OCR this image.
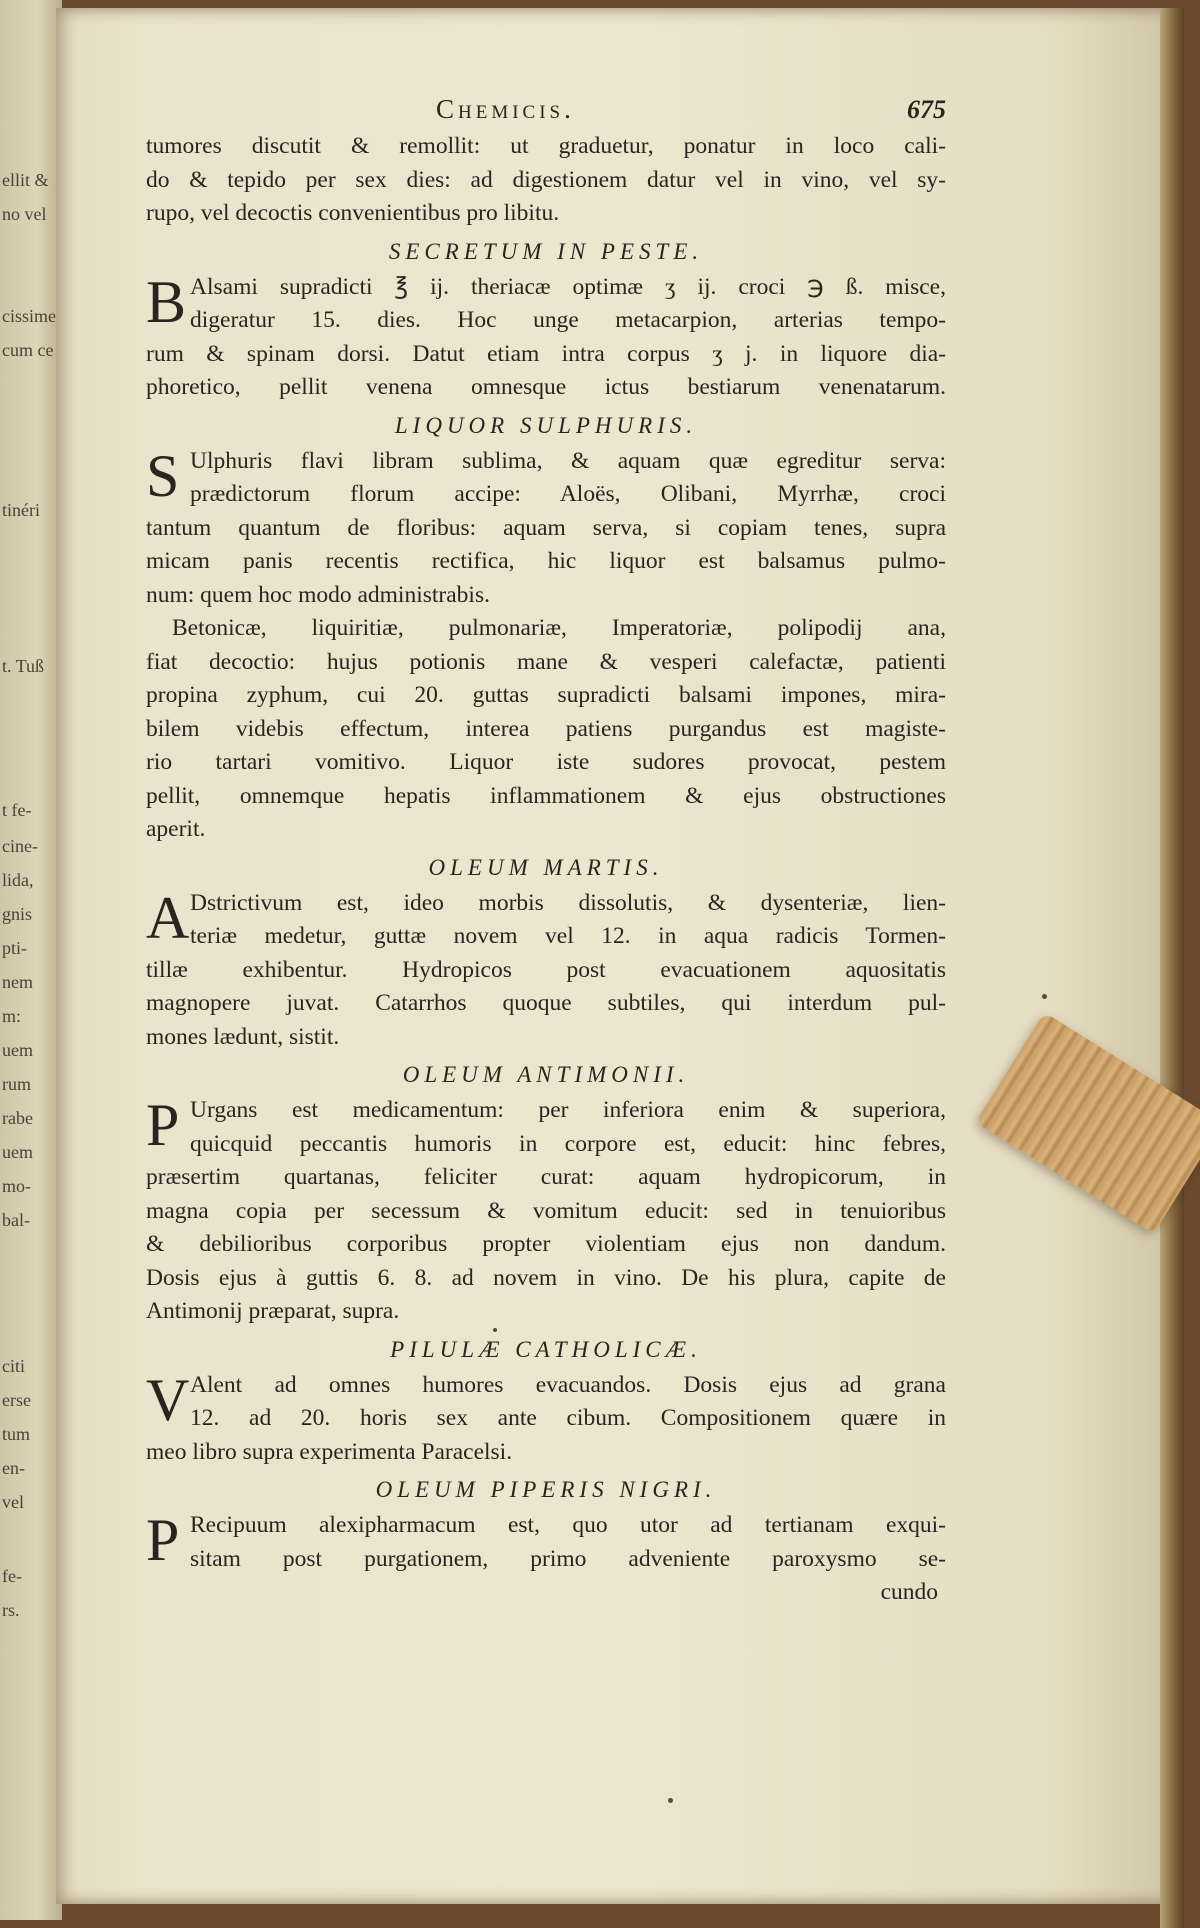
ellit &
no vel
cissime
cum ce
tinéri
t. Tuß
t fe-
cine-
lida,
gnis
pti-
nem
m:
uem
rum
rabe
uem
mo-
bal-
citi
erse
tum
en-
vel
fe-
rs.
Chemicis.	675

tumores discutit & remollit: ut graduetur, ponatur in loco cali-

do & tepido per sex dies: ad digestionem datur vel in vino, vel sy-

rupo, vel decoctis convenientibus pro libitu.

SECRETUM IN PESTE.
B Alsami supradicti ℥ ij. theriacæ optimæ ʒ ij. croci ℈ ß. misce,

digeratur 15. dies. Hoc unge metacarpion, arterias tempo-

rum & spinam dorsi. Datut etiam intra corpus ʒ j. in liquore dia-

phoretico, pellit venena omnesque ictus bestiarum venenatarum.

LIQUOR SULPHURIS.
S Ulphuris flavi libram sublima, & aquam quæ egreditur serva:

prædictorum florum accipe: Aloës, Olibani, Myrrhæ, croci

tantum quantum de floribus: aquam serva, si copiam tenes, supra

micam panis recentis rectifica, hic liquor est balsamus pulmo-

num: quem hoc modo administrabis.

Betonicæ, liquiritiæ, pulmonariæ, Imperatoriæ, polipodij ana,

fiat decoctio: hujus potionis mane & vesperi calefactæ, patienti

propina zyphum, cui 20. guttas supradicti balsami impones, mira-

bilem videbis effectum, interea patiens purgandus est magiste-

rio tartari vomitivo. Liquor iste sudores provocat, pestem

pellit, omnemque hepatis inflammationem & ejus obstructiones

aperit.

OLEUM MARTIS.
A Dstrictivum est, ideo morbis dissolutis, & dysenteriæ, lien-

teriæ medetur, guttæ novem vel 12. in aqua radicis Tormen-

tillæ exhibentur. Hydropicos post evacuationem aquositatis

magnopere juvat. Catarrhos quoque subtiles, qui interdum pul-

mones lædunt, sistit.

OLEUM ANTIMONII.
P Urgans est medicamentum: per inferiora enim & superiora,

quicquid peccantis humoris in corpore est, educit: hinc febres,

præsertim quartanas, feliciter curat: aquam hydropicorum, in

magna copia per secessum & vomitum educit: sed in tenuioribus

& debilioribus corporibus propter violentiam ejus non dandum.

Dosis ejus à guttis 6. 8. ad novem in vino. De his plura, capite de

Antimonij præparat, supra.

PILULÆ CATHOLICÆ.
V Alent ad omnes humores evacuandos. Dosis ejus ad grana

12. ad 20. horis sex ante cibum. Compositionem quære in

meo libro supra experimenta Paracelsi.

OLEUM PIPERIS NIGRI.
P Recipuum alexipharmacum est, quo utor ad tertianam exqui-

sitam post purgationem, primo adveniente paroxysmo se-

cundo
